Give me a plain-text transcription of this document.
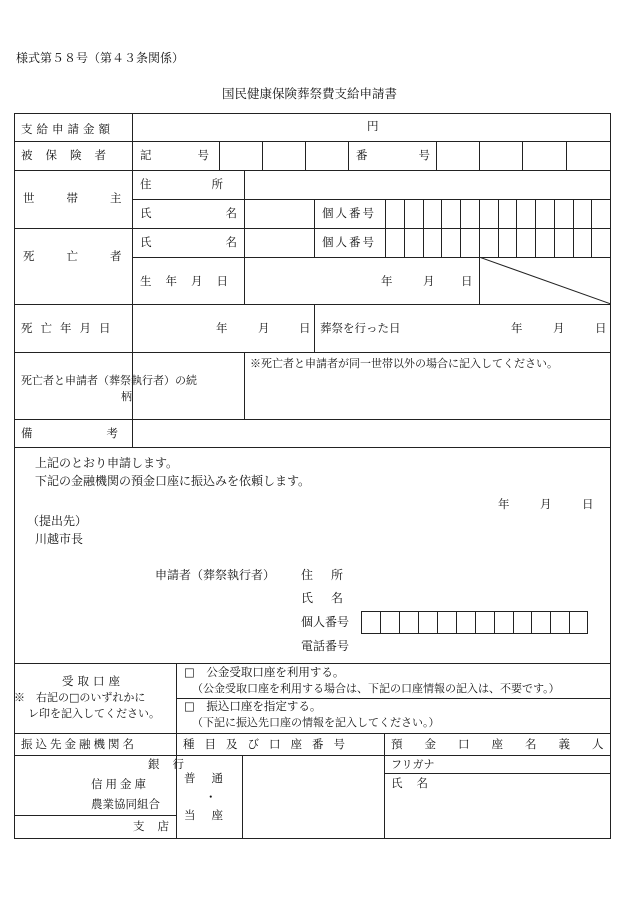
様式第５８号（第４３条関係）
国民健康保険葬祭費支給申請書
支給申請金額	円
被保険者 記号	番号
世帯主
住所
氏名 個人番号
死亡者
氏名 個人番号
生年月日	年	月 日
死亡年月日	年	月	日 葬祭を行った日	年	月	日
死亡者と申請者（葬祭執行者）の続
柄
※死亡者と申請者が同一世帯以外の場合に記入してください。
備考
上記のとおり申請します。
下記の金融機関の預金口座に振込みを依頼します。
年	月	日
（提出先）
川越市長
申請者（葬祭執行者） 住所
氏名
個人番号
電話番号
受取口座
※　右記の□のいずれかに
レ印を記入してください。
□　公金受取口座を利用する。
（公金受取口座を利用する場合は、下記の口座情報の記入は、不要です。）
□　振込口座を指定する。
（下記に振込先口座の情報を記入してください。）
振込先金融機関名	種目及び口座番号	預金口座名義人
銀行
信用金庫
農業協同組合
支店
普通
・
当座
フリガナ
氏名
